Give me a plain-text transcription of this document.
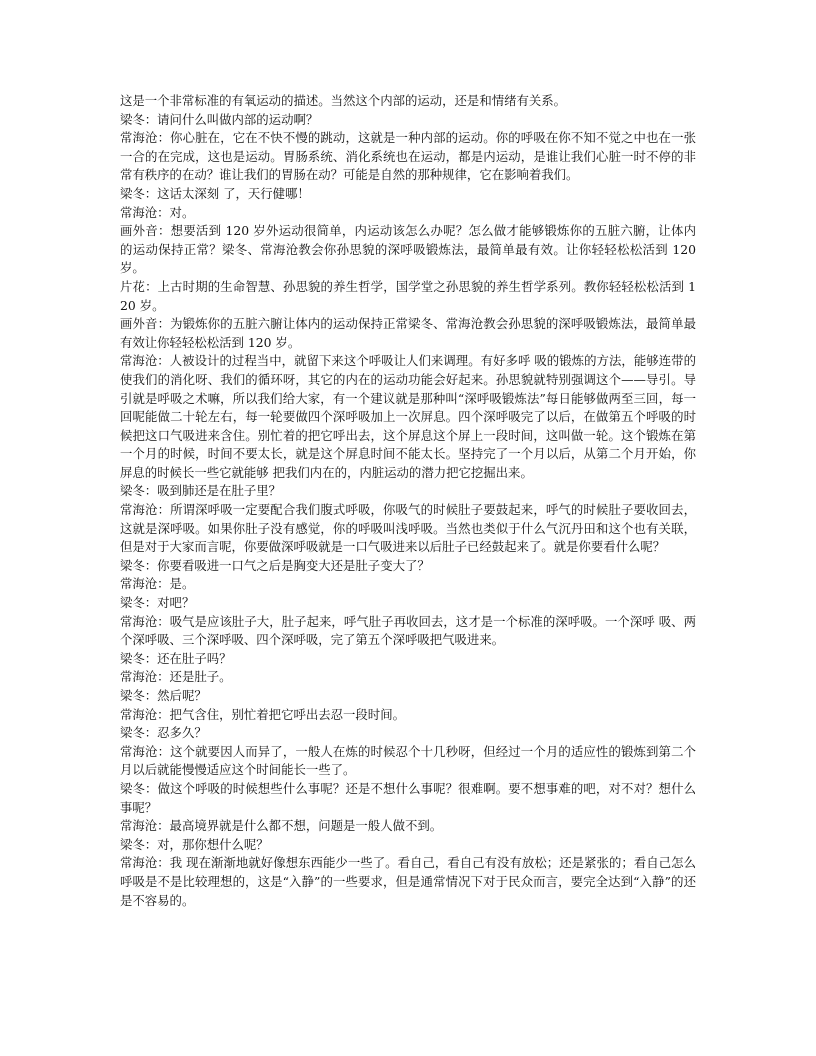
这是一个非常标准的有氧运动的描述。当然这个内部的运动，还是和情绪有关系。

梁冬：请问什么叫做内部的运动啊？

常海沧：你心脏在，它在不快不慢的跳动，这就是一种内部的运动。你的呼吸在你不知不觉之中也在一张一合的在完成，这也是运动。胃肠系统、消化系统也在运动，都是内运动，是谁让我们心脏一时不停的非常有秩序的在动？谁让我们的胃肠在动？可能是自然的那种规律，它在影响着我们。

梁冬：这话太深刻 了，天行健哪！

常海沧：对。

画外音：想要活到 120 岁外运动很简单，内运动该怎么办呢？怎么做才能够锻炼你的五脏六腑，让体内的运动保持正常？梁冬、常海沧教会你孙思貌的深呼吸锻炼法，最简单最有效。让你轻轻松松活到 120 岁。

片花：上古时期的生命智慧、孙思貌的养生哲学，国学堂之孙思貌的养生哲学系列。教你轻轻松松活到 120 岁。

画外音：为锻炼你的五脏六腑让体内的运动保持正常梁冬、常海沧教会孙思貌的深呼吸锻炼法，最简单最有效让你轻轻松松活到 120 岁。

常海沧：人被设计的过程当中，就留下来这个呼吸让人们来调理。有好多呼 吸的锻炼的方法，能够连带的使我们的消化呀、我们的循环呀，其它的内在的运动功能会好起来。孙思貌就特别强调这个——导引。导引就是呼吸之术嘛，所以我们给大家，有一个建议就是那种叫“深呼吸锻炼法”每日能够做两至三回，每一回呢能做二十轮左右，每一轮要做四个深呼吸加上一次屏息。四个深呼吸完了以后，在做第五个呼吸的时候把这口气吸进来含住。别忙着的把它呼出去，这个屏息这个屏上一段时间，这叫做一轮。这个锻炼在第一个月的时候，时间不要太长，就是这个屏息时间不能太长。坚持完了一个月以后，从第二个月开始，你屏息的时候长一些它就能够 把我们内在的，内脏运动的潜力把它挖掘出来。

梁冬：吸到肺还是在肚子里？

常海沧：所谓深呼吸一定要配合我们腹式呼吸，你吸气的时候肚子要鼓起来，呼气的时候肚子要收回去，这就是深呼吸。如果你肚子没有感觉，你的呼吸叫浅呼吸。当然也类似于什么气沉丹田和这个也有关联，但是对于大家而言呢，你要做深呼吸就是一口气吸进来以后肚子已经鼓起来了。就是你要看什么呢？

梁冬：你要看吸进一口气之后是胸变大还是肚子变大了？

常海沧：是。

梁冬：对吧？

常海沧：吸气是应该肚子大，肚子起来，呼气肚子再收回去，这才是一个标准的深呼吸。一个深呼 吸、两个深呼吸、三个深呼吸、四个深呼吸，完了第五个深呼吸把气吸进来。

梁冬：还在肚子吗？

常海沧：还是肚子。

梁冬：然后呢？

常海沧：把气含住，别忙着把它呼出去忍一段时间。

梁冬：忍多久？

常海沧：这个就要因人而异了，一般人在炼的时候忍个十几秒呀，但经过一个月的适应性的锻炼到第二个月以后就能慢慢适应这个时间能长一些了。

梁冬：做这个呼吸的时候想些什么事呢？还是不想什么事呢？很难啊。要不想事难的吧，对不对？想什么事呢？

常海沧：最高境界就是什么都不想，问题是一般人做不到。

梁冬：对，那你想什么呢？

常海沧：我 现在渐渐地就好像想东西能少一些了。看自己，看自己有没有放松；还是紧张的；看自己怎么呼吸是不是比较理想的，这是“入静”的一些要求，但是通常情况下对于民众而言，要完全达到“入静”的还是不容易的。
